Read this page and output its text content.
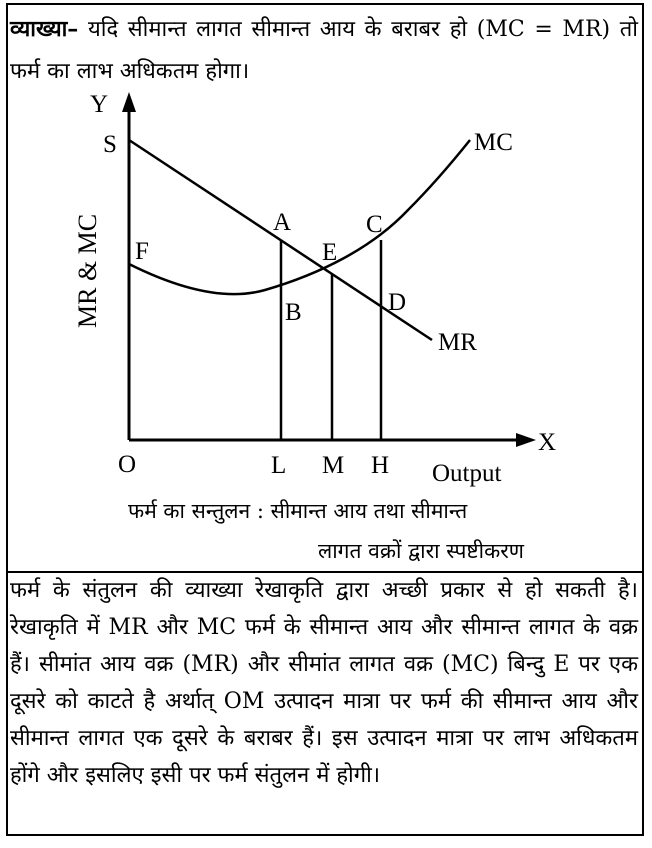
व्याख्या– यदि सीमान्त लागत सीमान्त आय के बराबर हो (MC = MR) तो फर्म का लाभ अधिकतम होगा।
Y
X
O
MR & MC
Output
S
F
A
B
C
D
E
L M H
MC
MR
फर्म का सन्तुलन : सीमान्त आय तथा सीमान्त
लागत वक्रों द्वारा स्पष्टीकरण
फर्म के संतुलन की व्याख्या रेखाकृति द्वारा अच्छी प्रकार से हो सकती है। रेखाकृति में MR और MC फर्म के सीमान्त आय और सीमान्त लागत के वक्र हैं। सीमांत आय वक्र (MR) और सीमांत लागत वक्र (MC) बिन्दु E पर एक दूसरे को काटते है अर्थात् OM उत्पादन मात्रा पर फर्म की सीमान्त आय और सीमान्त लागत एक दूसरे के बराबर हैं। इस उत्पादन मात्रा पर लाभ अधिकतम होंगे और इसलिए इसी पर फर्म संतुलन में होगी।
